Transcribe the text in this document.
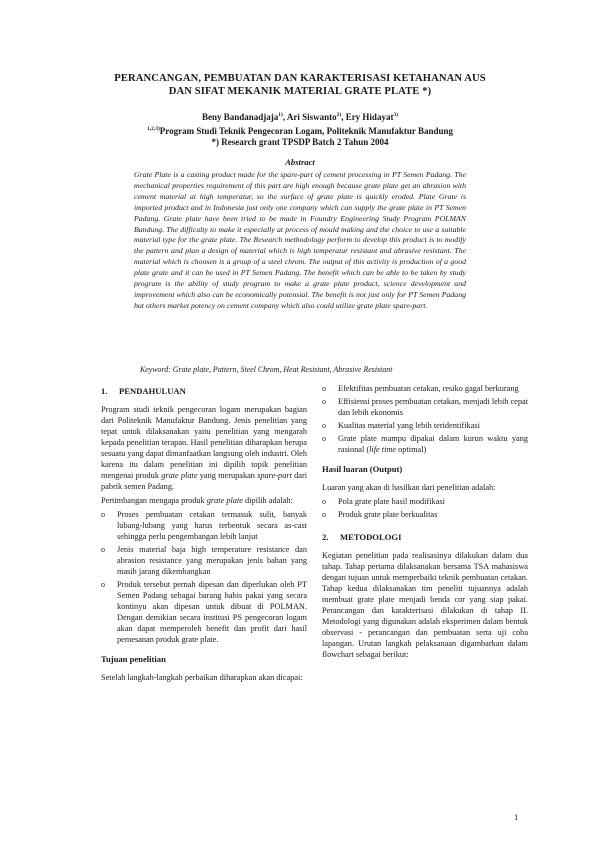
PERANCANGAN, PEMBUATAN DAN KARAKTERISASI KETAHANAN AUS
DAN SIFAT MEKANIK MATERIAL GRATE PLATE *)
Beny Bandanadjaja$^{1)}$, Ari Siswanto$^{2)}$, Ery Hidayat$^{3)}$
$^{1,2,3)}$Program Studi Teknik Pengecoran Logam, Politeknik Manufaktur Bandung
*) Research grant TPSDP Batch 2 Tahun 2004
Abstract

Grate Plate is a casting product made for the spare-part of cement processing in PT Semen Padang. The mechanical properties requirement of this part are high enough because grate plate get an abrasion with cement material at high temperatur, so the surface of grate plate is quickly eroded. Plate Grate is imported product and in Indonesia just only one company which can supply the grate plate in PT Semen Padang. Grate plate have been tried to be made in Foundry Engineering Study Program POLMAN Bandung. The difficulty to make it especially at process of mould making and the choice to use a suitable material type for the grate plate. The Research methodology perform to develop this product is to modify the pattern and plan a design of material which is high temperatur resistant and abrasive resistant. The material which is choosen is a group of a steel chrom. The output of this activity is production of a good plate grate and it can be used in PT Semen Padang. The benefit which can be able to be taken by study program is the ability of study program to make a grate plate product, science development and improvement which also can be economically potensial. The benefit is not just only for PT Semen Padang but others market potency on cement company which also could utilize grate plate spare-part.

Keyword: Grate plate, Pattern, Steel Chrom, Heat Resistant, Abrasive Resistant
1. PENDAHULUAN

Program studi teknik pengecoran logam merupakan bagian dari Politeknik Manufaktur Bandung. Jenis penelitian yang tepat untuk dilaksanakan yaitu penelitian yang mengarah kepada penelitian terapan. Hasil penelitian diharapkan berupa sesuatu yang dapat dimanfaatkan langsung oleh industri. Oleh karena itu dalam penelitian ini dipilih topik penelitian mengenai produk grate plate yang merupakan spare-part dari pabrik semen Padang.

Pertimbangan mengapa produk grate plate dipilih adalah:

o Proses pembuatan cetakan termasuk sulit, banyak lubang-lubang yang harus terbentuk secara as-cast sehingga perlu pengembangan lebih lanjut
o Jenis material baja high temperature resistance dan abrasion resistance yang merupakan jenis bahan yang masih jarang dikembangkan
o Produk tersebut pernah dipesan dan diperlukan oleh PT Semen Padang sebagai barang habis pakai yang secara kontinyu akan dipesan untuk dibuat di POLMAN. Dengan demikian secara institusi PS pengecoran logam akan dapat memperoleh benefit dan profit dari hasil pemesanan produk grate plate.
Tujuan penelitian

Setelah langkah-langkah perbaikan diharapkan akan dicapai:

o Efektifitas pembuatan cetakan, resiko gagal berkurang
o Effisiensi proses pembuatan cetakan, menjadi lebih cepat dan lebih ekonomis
o Kualitas material yang lebih teridentifikasi
o Grate plate mampu dipakai dalam kurun waktu yang rasional (life time optimal)
Hasil luaran (Output)

Luaran yang akan di hasilkan dari penelitian adalah:

o Pola grate plate hasil modifikasi
o Produk grate plate berkualitas
2. METODOLOGI

Kegiatan penelitian pada realisasinya dilakukan dalam dua tahap. Tahap pertama dilaksanakan bersama TSA mahasiswa dengan tujuan untuk memperbaiki teknik pembuatan cetakan. Tahap kedua dilaksanakan tim peneliti tujuannya adalah membuat grate plate menjadi benda cor yang siap pakai. Perancangan dan karakterisasi dilakukan di tahap II. Metodologi yang digunakan adalah eksperimen dalam bentuk observasi - perancangan dan pembuatan serta uji coba lapangan. Urutan langkah pelaksanaan digambarkan dalam flowchart sebagai berikut:

1
